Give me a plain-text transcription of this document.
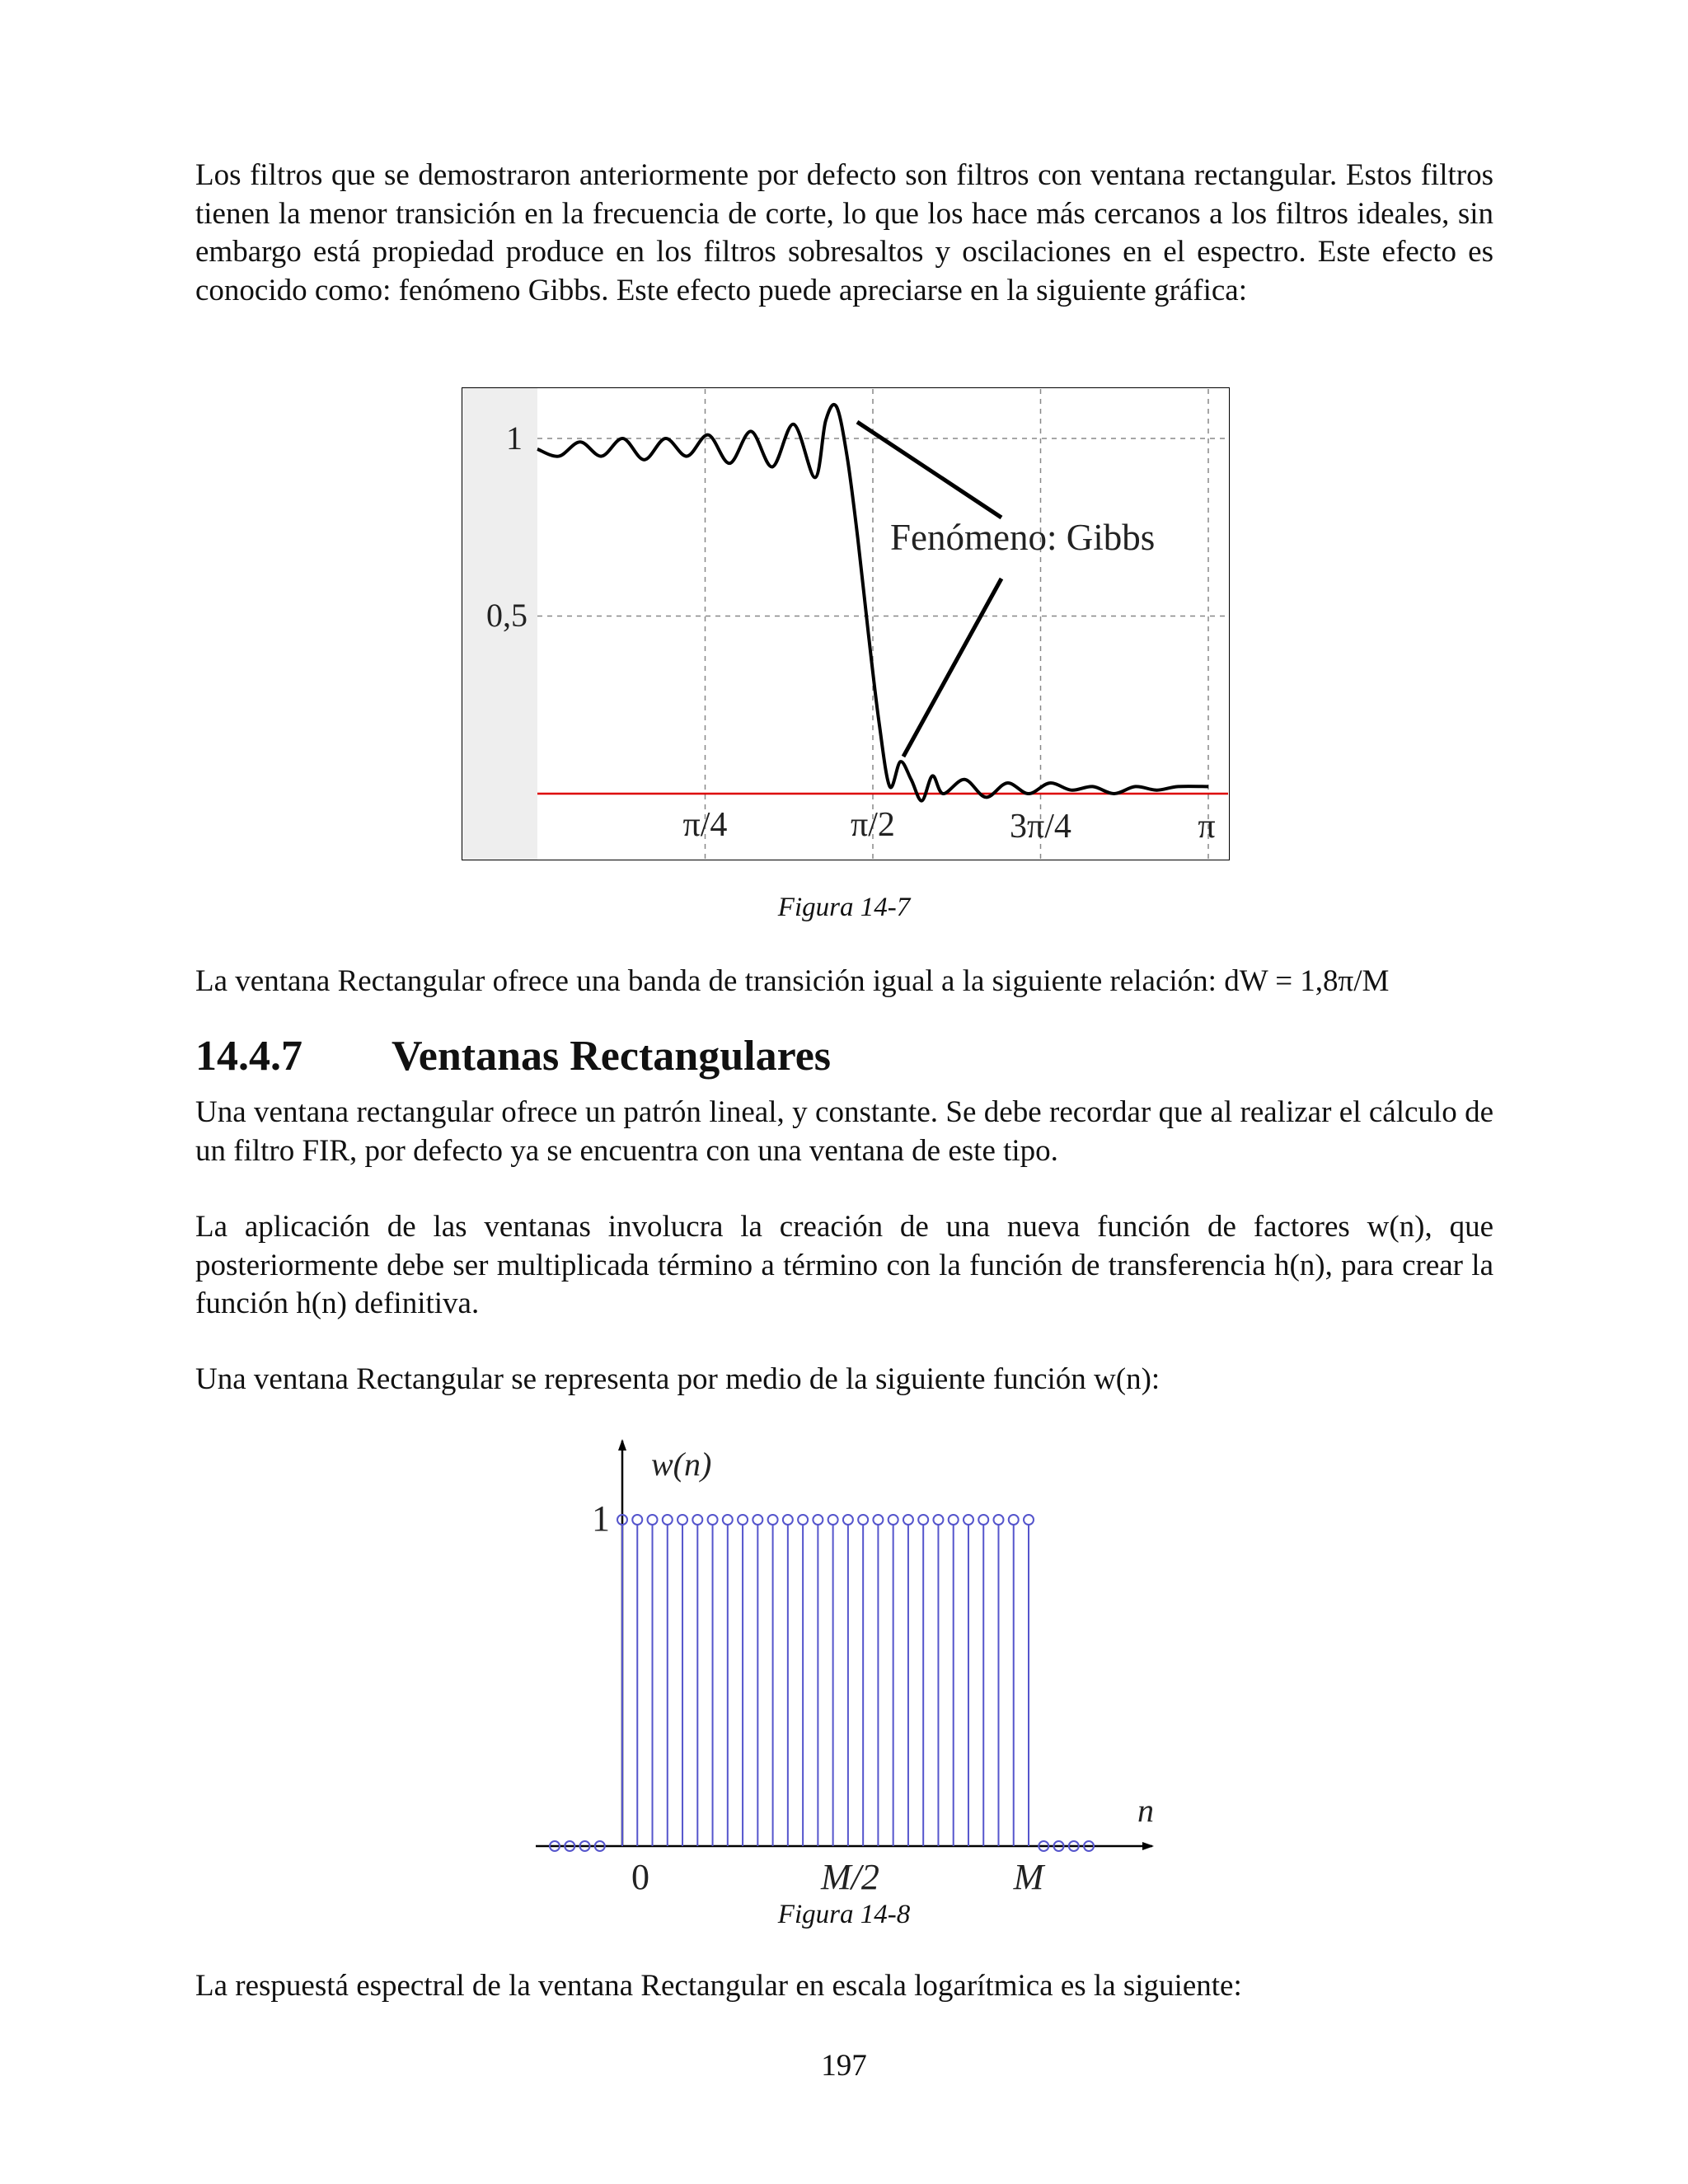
Los filtros que se demostraron anteriormente por defecto son filtros con ventana rectangular. Estos filtros tienen la menor transición en la frecuencia de corte, lo que los hace más cercanos a los filtros ideales, sin embargo está propiedad produce en los filtros sobresaltos y oscilaciones en el espectro. Este efecto es conocido como: fenómeno Gibbs. Este efecto puede apreciarse en la siguiente gráfica:

Fenómeno: Gibbs
1
0,5
π/4	π/2	3π/4	π
Figura 14-7

La ventana Rectangular ofrece una banda de transición igual a la siguiente relación: dW = 1,8π/M

14.4.7 Ventanas Rectangulares

Una ventana rectangular ofrece un patrón lineal, y constante. Se debe recordar que al realizar el cálculo de un filtro FIR, por defecto ya se encuentra con una ventana de este tipo.

La aplicación de las ventanas involucra la creación de una nueva función de factores w(n), que posteriormente debe ser multiplicada término a término con la función de transferencia h(n), para crear la función h(n) definitiva.

Una ventana Rectangular se representa por medio de la siguiente función w(n):

w(n)
n
1
0	M/2	M
Figura 14-8

La respuestá espectral de la ventana Rectangular en escala logarítmica es la siguiente:

197
